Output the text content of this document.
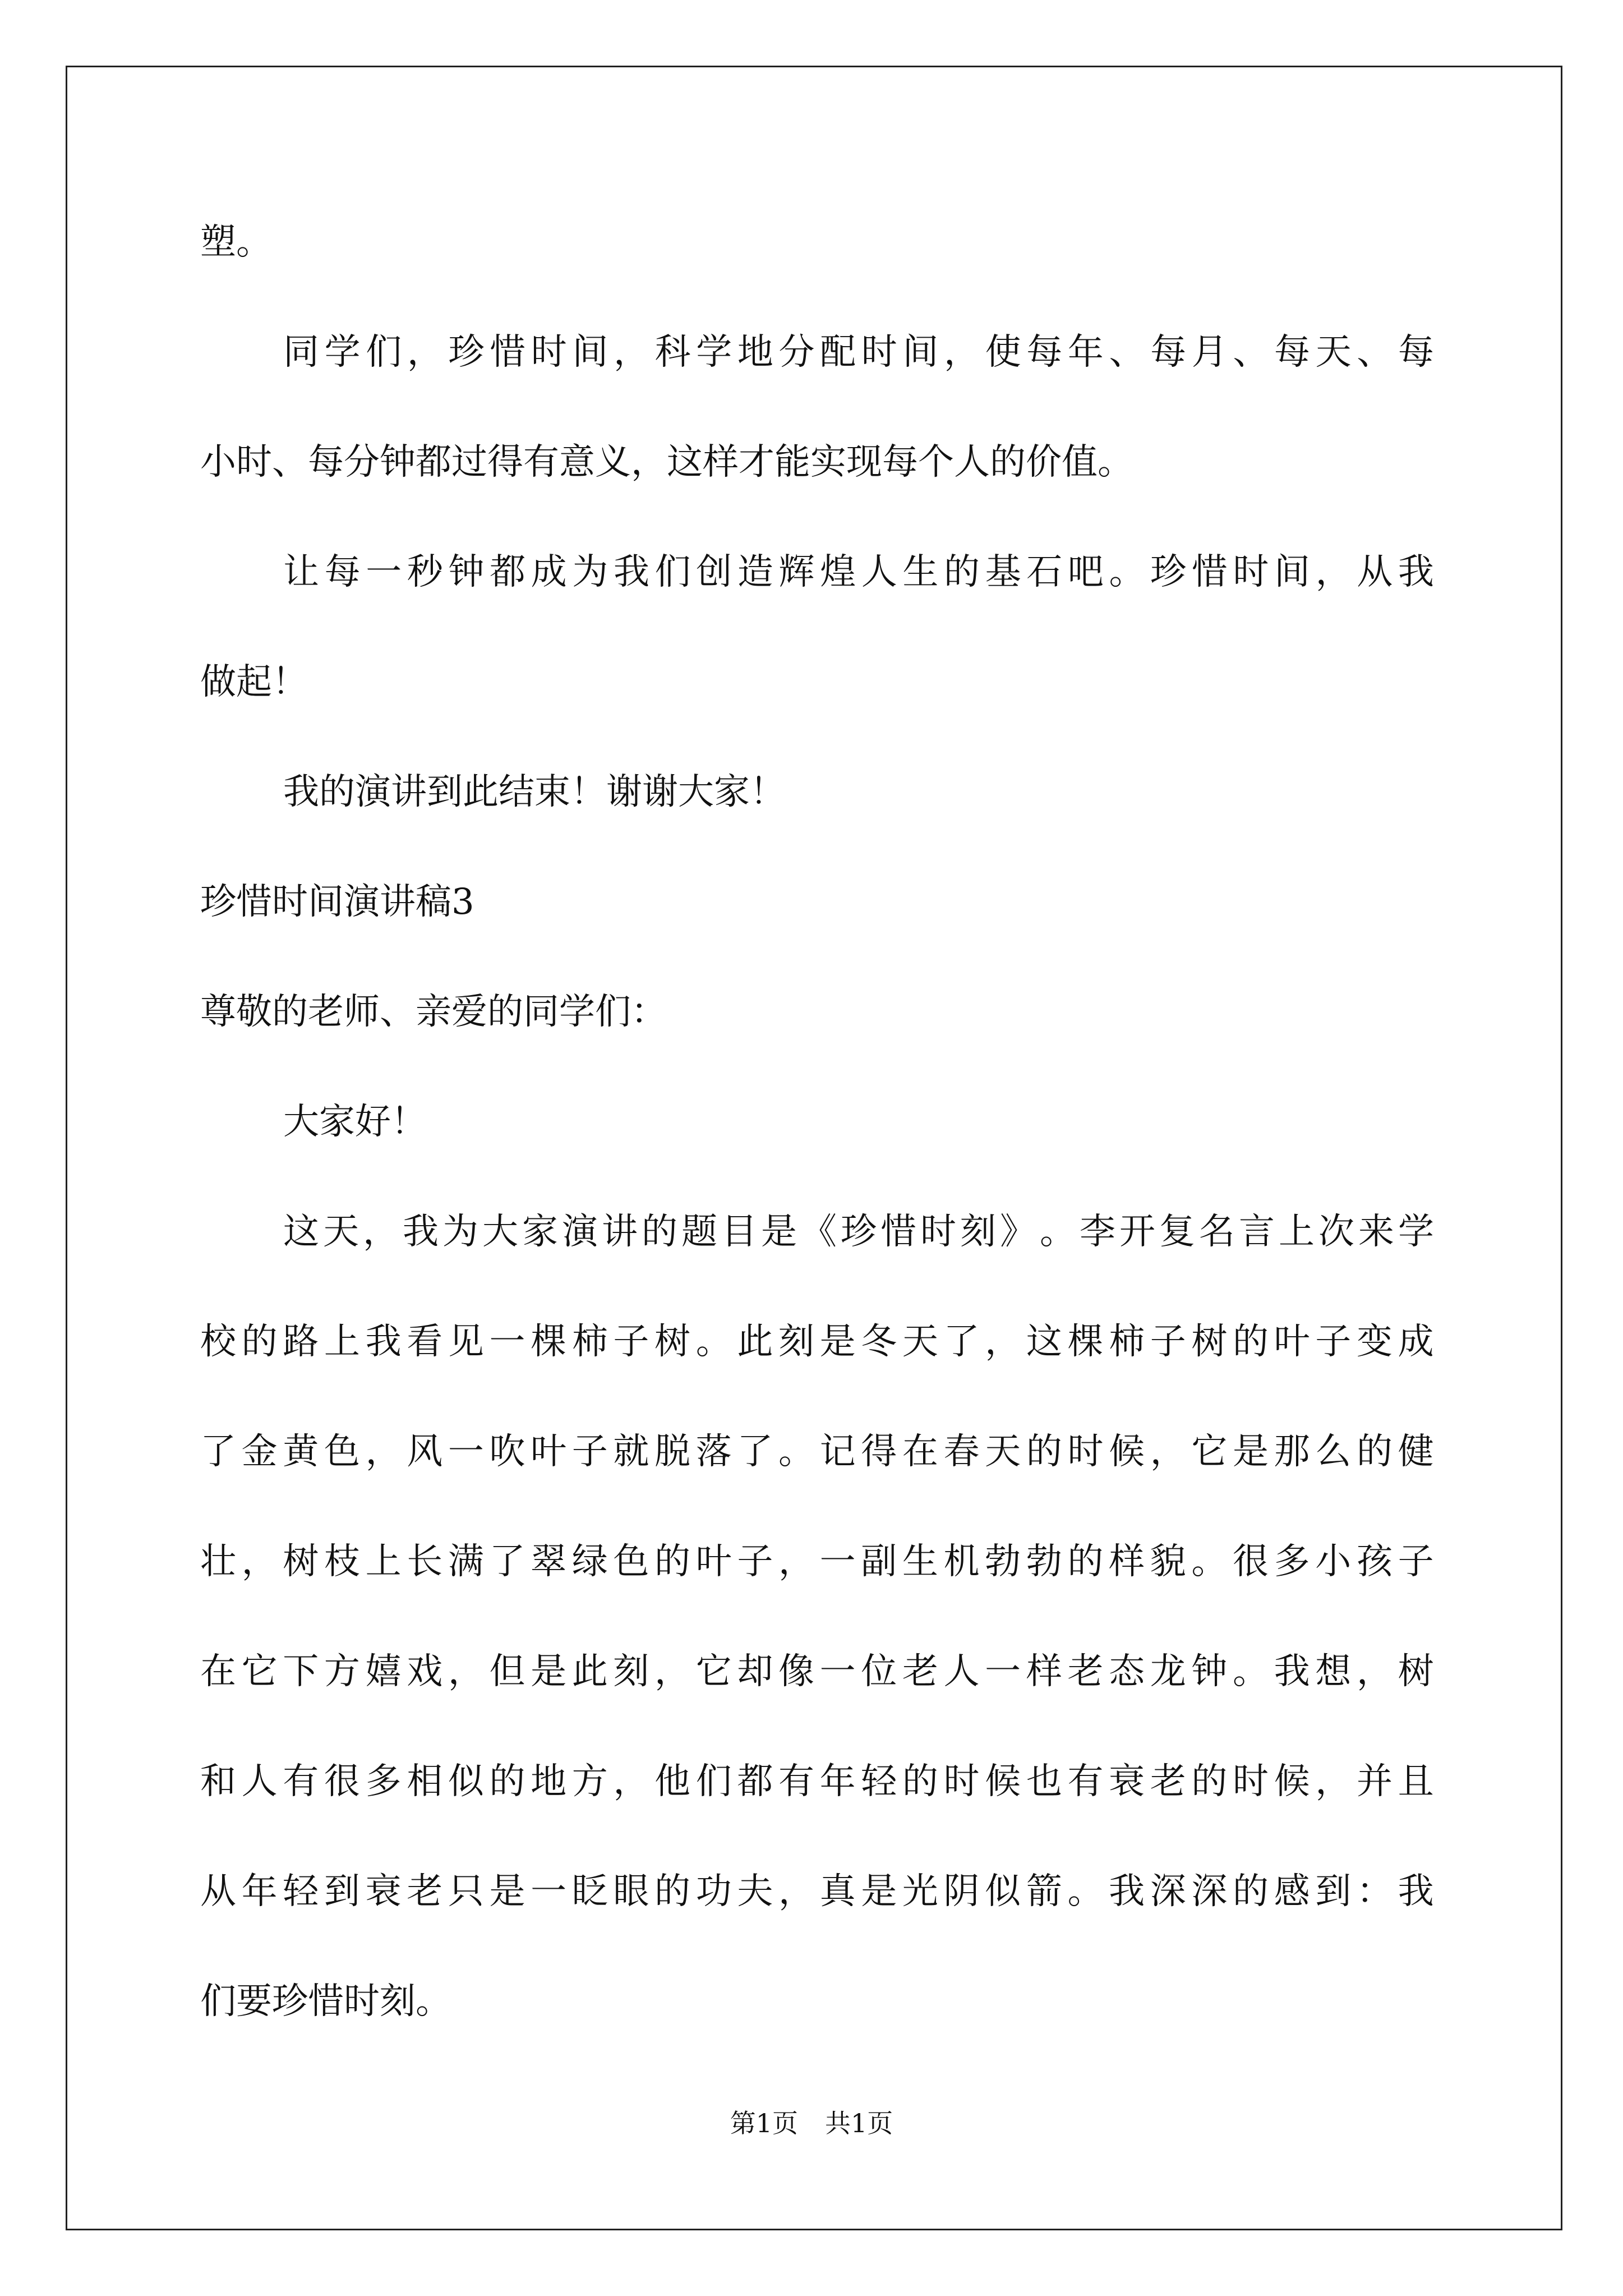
塑。
同 学 们 ， 珍 惜 时 间 ， 科 学 地 分 配 时 间 ， 使 每 年 、 每 月 、 每 天 、 每
小时、每分钟都过得有意义，这样才能实现每个人的价值。
让 每 一 秒 钟 都 成 为 我 们 创 造 辉 煌 人 生 的 基 石 吧 。 珍 惜 时 间 ， 从 我
做起！
我的演讲到此结束！谢谢大家！
珍惜时间演讲稿3
尊敬的老师、亲爱的同学们：
大家好！
这 天 ， 我 为 大 家 演 讲 的 题 目 是 《 珍 惜 时 刻 》 。 李 开 复 名 言 上 次 来 学
校 的 路 上 我 看 见 一 棵 柿 子 树 。 此 刻 是 冬 天 了 ， 这 棵 柿 子 树 的 叶 子 变 成
了 金 黄 色 ， 风 一 吹 叶 子 就 脱 落 了 。 记 得 在 春 天 的 时 候 ， 它 是 那 么 的 健
壮 ， 树 枝 上 长 满 了 翠 绿 色 的 叶 子 ， 一 副 生 机 勃 勃 的 样 貌 。 很 多 小 孩 子
在 它 下 方 嬉 戏 ， 但 是 此 刻 ， 它 却 像 一 位 老 人 一 样 老 态 龙 钟 。 我 想 ， 树
和 人 有 很 多 相 似 的 地 方 ， 他 们 都 有 年 轻 的 时 候 也 有 衰 老 的 时 候 ， 并 且
从 年 轻 到 衰 老 只 是 一 眨 眼 的 功 夫 ， 真 是 光 阴 似 箭 。 我 深 深 的 感 到 ： 我
们要珍惜时刻。
第1页 共1页
